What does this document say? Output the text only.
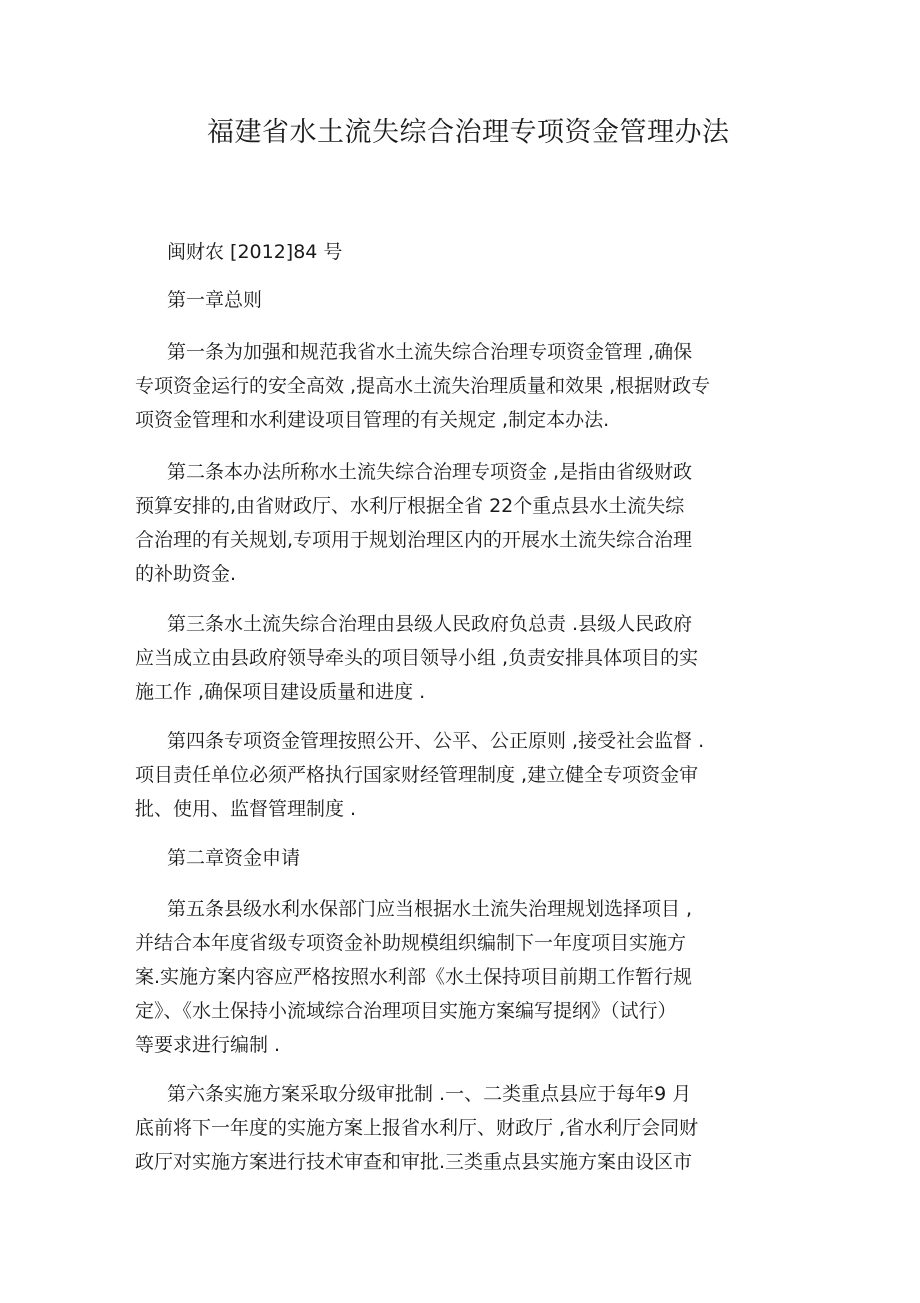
福建省水土流失综合治理专项资金管理办法

闽财农 [2012]84 号

第一章总则

第一条为加强和规范我省水土流失综合治理专项资金管理 ,确保

专项资金运行的安全高效 ,提高水土流失治理质量和效果 ,根据财政专

项资金管理和水利建设项目管理的有关规定 ,制定本办法.

第二条本办法所称水土流失综合治理专项资金 ,是指由省级财政

预算安排的,由省财政厅、水利厅根据全省 22个重点县水土流失综

合治理的有关规划,专项用于规划治理区内的开展水土流失综合治理

的补助资金.

第三条水土流失综合治理由县级人民政府负总责 .县级人民政府

应当成立由县政府领导牵头的项目领导小组 ,负责安排具体项目的实

施工作 ,确保项目建设质量和进度 .

第四条专项资金管理按照公开、公平、公正原则 ,接受社会监督 .

项目责任单位必须严格执行国家财经管理制度 ,建立健全专项资金审

批、使用、监督管理制度 .

第二章资金申请

第五条县级水利水保部门应当根据水土流失治理规划选择项目 ,

并结合本年度省级专项资金补助规模组织编制下一年度项目实施方

案.实施方案内容应严格按照水利部《水土保持项目前期工作暂行规

定》、《水土保持小流域综合治理项目实施方案编写提纲》（试行）

等要求进行编制 .

第六条实施方案采取分级审批制 .一、二类重点县应于每年9 月

底前将下一年度的实施方案上报省水利厅、财政厅 ,省水利厅会同财

政厅对实施方案进行技术审查和审批.三类重点县实施方案由设区市
